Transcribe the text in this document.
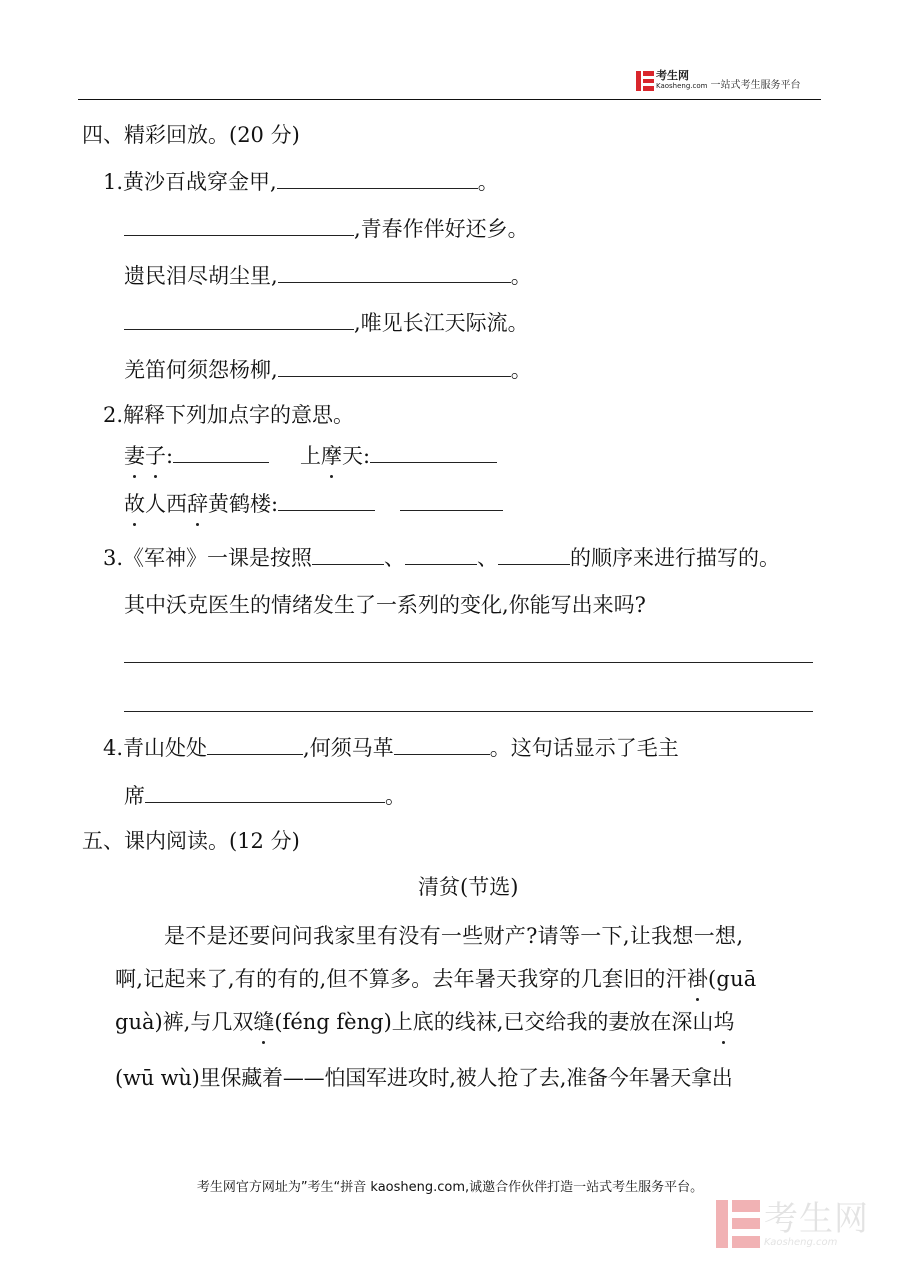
考生网
Kaosheng.com 一站式考生服务平台
四、精彩回放。(20 分)
1.黄沙百战穿金甲,	。
,青春作伴好还乡。
遗民泪尽胡尘里,	。
,唯见长江天际流。
羌笛何须怨杨柳,	。
2.解释下列加点字的意思。
妻子:	上摩天:
故人西辞黄鹤楼:
3.《军神》一课是按照	、	、	的顺序来进行描写的。
其中沃克医生的情绪发生了一系列的变化,你能写出来吗?
4.青山处处	,何须马革	。这句话显示了毛主
席	。
五、课内阅读。(12 分)
清贫(节选)
是不是还要问问我家里有没有一些财产?请等一下,让我想一想,
啊,记起来了,有的有的,但不算多。去年暑天我穿的几套旧的汗褂(guā
guà)裤,与几双缝(féng fèng)上底的线袜,已交给我的妻放在深山坞
(wū wù)里保藏着——怕国军进攻时,被人抢了去,准备今年暑天拿出
考生网官方网址为”考生“拼音 kaosheng.com,诚邀合作伙伴打造一站式考生服务平台。
考生网
Kaosheng.com
